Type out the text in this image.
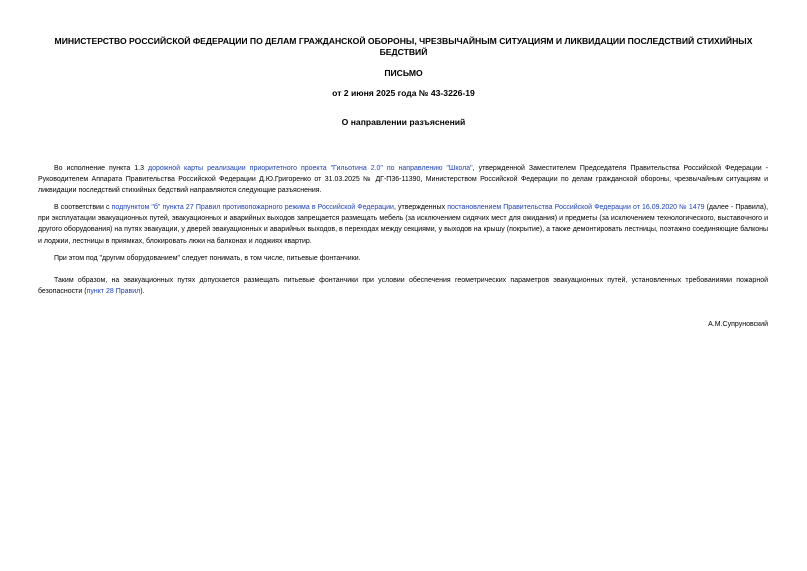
МИНИСТЕРСТВО РОССИЙСКОЙ ФЕДЕРАЦИИ ПО ДЕЛАМ ГРАЖДАНСКОЙ ОБОРОНЫ, ЧРЕЗВЫЧАЙНЫМ СИТУАЦИЯМ И ЛИКВИДАЦИИ ПОСЛЕДСТВИЙ СТИХИЙНЫХ БЕДСТВИЙ
ПИСЬМО
от 2 июня 2025 года № 43-3226-19
О направлении разъяснений

Во исполнение пункта 1.3 дорожной карты реализации приоритетного проекта "Гильотина 2.0" по направлению "Школа", утвержденной Заместителем Председателя Правительства Российской Федерации - Руководителем Аппарата Правительства Российской Федерации Д.Ю.Григоренко от 31.03.2025 № ДГ-П36-11390, Министерством Российской Федерации по делам гражданской обороны, чрезвычайным ситуациям и ликвидации последствий стихийных бедствий направляются следующие разъяснения.

В соответствии с подпунктом "б" пункта 27 Правил противопожарного режима в Российской Федерации, утвержденных постановлением Правительства Российской Федерации от 16.09.2020 № 1479 (далее - Правила), при эксплуатации эвакуационных путей, эвакуационных и аварийных выходов запрещается размещать мебель (за исключением сидячих мест для ожидания) и предметы (за исключением технологического, выставочного и другого оборудования) на путях эвакуации, у дверей эвакуационных и аварийных выходов, в переходах между секциями, у выходов на крышу (покрытие), а также демонтировать лестницы, поэтажно соединяющие балконы и лоджии, лестницы в приямках, блокировать люки на балконах и лоджиях квартир.

При этом под "другим оборудованием" следует понимать, в том числе, питьевые фонтанчики.

Таким образом, на эвакуационных путях допускается размещать питьевые фонтанчики при условии обеспечения геометрических параметров эвакуационных путей, установленных требованиями пожарной безопасности (пункт 28 Правил).

А.М.Супруновский
